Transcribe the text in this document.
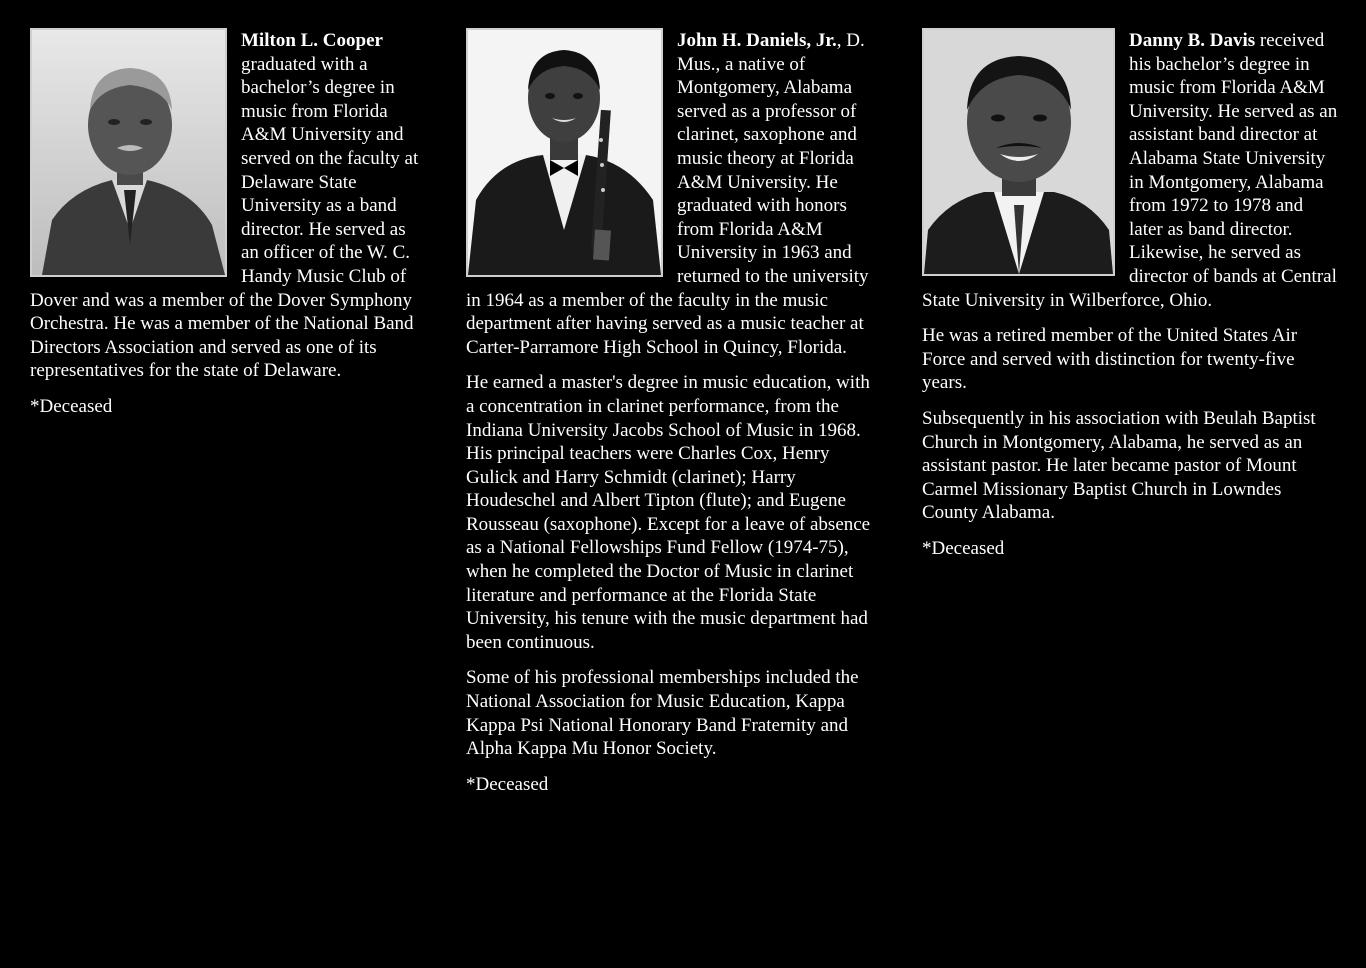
Milton L. Cooper graduated with a bachelor’s degree in music from Florida A&M University and served on the faculty at Delaware State University as a band director. He served as an officer of the W. C. Handy Music Club of Dover and was a member of the Dover Symphony Orchestra. He was a member of the National Band Directors Association and served as one of its representatives for the state of Delaware.

*Deceased

John H. Daniels, Jr., D. Mus., a native of Montgomery, Alabama served as a professor of clarinet, saxophone and music theory at Florida A&M University. He graduated with honors from Florida A&M University in 1963 and returned to the university in 1964 as a member of the faculty in the music department after having served as a music teacher at Carter-Parramore High School in Quincy, Florida.

He earned a master's degree in music education, with a concentration in clarinet performance, from the Indiana University Jacobs School of Music in 1968. His principal teachers were Charles Cox, Henry Gulick and Harry Schmidt (clarinet); Harry Houdeschel and Albert Tipton (flute); and Eugene Rousseau (saxophone). Except for a leave of absence as a National Fellowships Fund Fellow (1974-75), when he completed the Doctor of Music in clarinet literature and performance at the Florida State University, his tenure with the music department had been continuous.

Some of his professional memberships included the National Association for Music Education, Kappa Kappa Psi National Honorary Band Fraternity and Alpha Kappa Mu Honor Society.

*Deceased

Danny B. Davis received his bachelor’s degree in music from Florida A&M University. He served as an assistant band director at Alabama State University in Montgomery, Alabama from 1972 to 1978 and later as band director. Likewise, he served as director of bands at Central State University in Wilberforce, Ohio.

He was a retired member of the United States Air Force and served with distinction for twenty-five years.

Subsequently in his association with Beulah Baptist Church in Montgomery, Alabama, he served as an assistant pastor. He later became pastor of Mount Carmel Missionary Baptist Church in Lowndes County Alabama.

*Deceased
